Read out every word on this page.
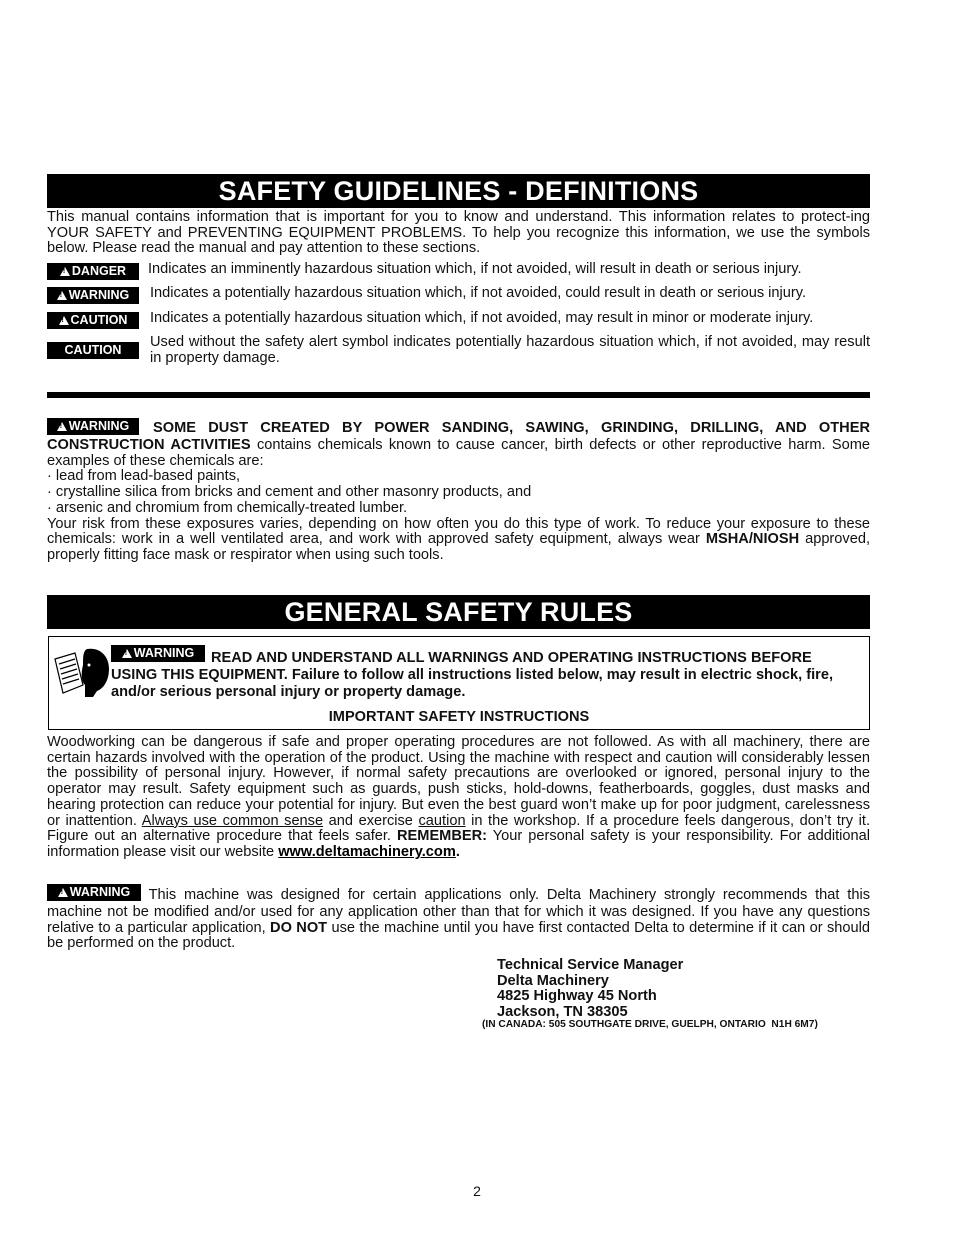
SAFETY GUIDELINES - DEFINITIONS
This manual contains information that is important for you to know and understand. This information relates to protect-ing YOUR SAFETY and PREVENTING EQUIPMENT PROBLEMS. To help you recognize this information, we use the symbols below. Please read the manual and pay attention to these sections.
!DANGER	Indicates an imminently hazardous situation which, if not avoided, will result in death or serious injury.
!WARNING	Indicates a potentially hazardous situation which, if not avoided, could result in death or serious injury.
!CAUTION	Indicates a potentially hazardous situation which, if not avoided, may result in minor or moderate injury.
CAUTION	Used without the safety alert symbol indicates potentially hazardous situation which, if not avoided, may result in property damage.

!WARNING SOME DUST CREATED BY POWER SANDING, SAWING, GRINDING, DRILLING, AND OTHER CONSTRUCTION ACTIVITIES contains chemicals known to cause cancer, birth defects or other reproductive harm. Some examples of these chemicals are:

· lead from lead-based paints,
· crystalline silica from bricks and cement and other masonry products, and
· arsenic and chromium from chemically-treated lumber.

Your risk from these exposures varies, depending on how often you do this type of work. To reduce your exposure to these chemicals: work in a well ventilated area, and work with approved safety equipment, always wear MSHA/NIOSH approved, properly fitting face mask or respirator when using such tools.

GENERAL SAFETY RULES
!WARNING READ AND UNDERSTAND ALL WARNINGS AND OPERATING INSTRUCTIONS BEFORE USING THIS EQUIPMENT. Failure to follow all instructions listed below, may result in electric shock, fire, and/or serious personal injury or property damage.
IMPORTANT SAFETY INSTRUCTIONS
Woodworking can be dangerous if safe and proper operating procedures are not followed. As with all machinery, there are certain hazards involved with the operation of the product. Using the machine with respect and caution will considerably lessen the possibility of personal injury. However, if normal safety precautions are overlooked or ignored, personal injury to the operator may result. Safety equipment such as guards, push sticks, hold-downs, featherboards, goggles, dust masks and hearing protection can reduce your potential for injury. But even the best guard won’t make up for poor judgment, carelessness or inattention. Always use common sense and exercise caution in the workshop. If a procedure feels dangerous, don’t try it. Figure out an alternative procedure that feels safer. REMEMBER: Your personal safety is your responsibility. For additional information please visit our website www.deltamachinery.com.
!WARNING This machine was designed for certain applications only. Delta Machinery strongly recommends that this machine not be modified and/or used for any application other than that for which it was designed. If you have any questions relative to a particular application, DO NOT use the machine until you have first contacted Delta to determine if it can or should be performed on the product.
Technical Service Manager
Delta Machinery
4825 Highway 45 North
Jackson, TN 38305
(IN CANADA: 505 SOUTHGATE DRIVE, GUELPH, ONTARIO  N1H 6M7)
2
